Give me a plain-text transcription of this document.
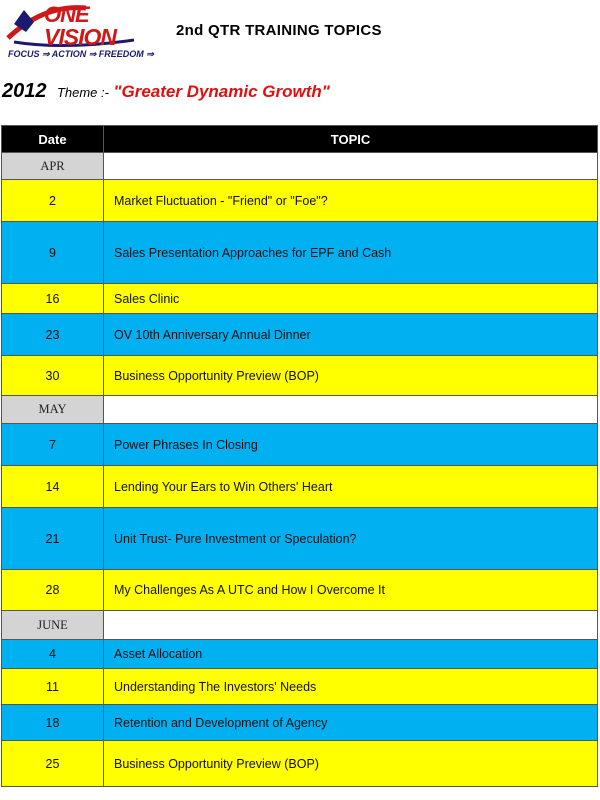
ONE
VISION
FOCUS ⇒ ACTION ⇒ FREEDOM ⇒
2nd QTR TRAINING TOPICS
2012 Theme :- "Greater Dynamic Growth"
Date	TOPIC
APR	
2	Market Fluctuation - "Friend" or "Foe"?
9	Sales Presentation Approaches for EPF and Cash
16	Sales Clinic
23	OV 10th Anniversary Annual Dinner
30	Business Opportunity Preview (BOP)
MAY	
7	Power Phrases In Closing
14	Lending Your Ears to Win Others' Heart
21	Unit Trust- Pure Investment or Speculation?
28	My Challenges As A UTC and How I Overcome It
JUNE	
4	Asset Allocation
11	Understanding The Investors' Needs
18	Retention and Development of Agency
25	Business Opportunity Preview (BOP)
